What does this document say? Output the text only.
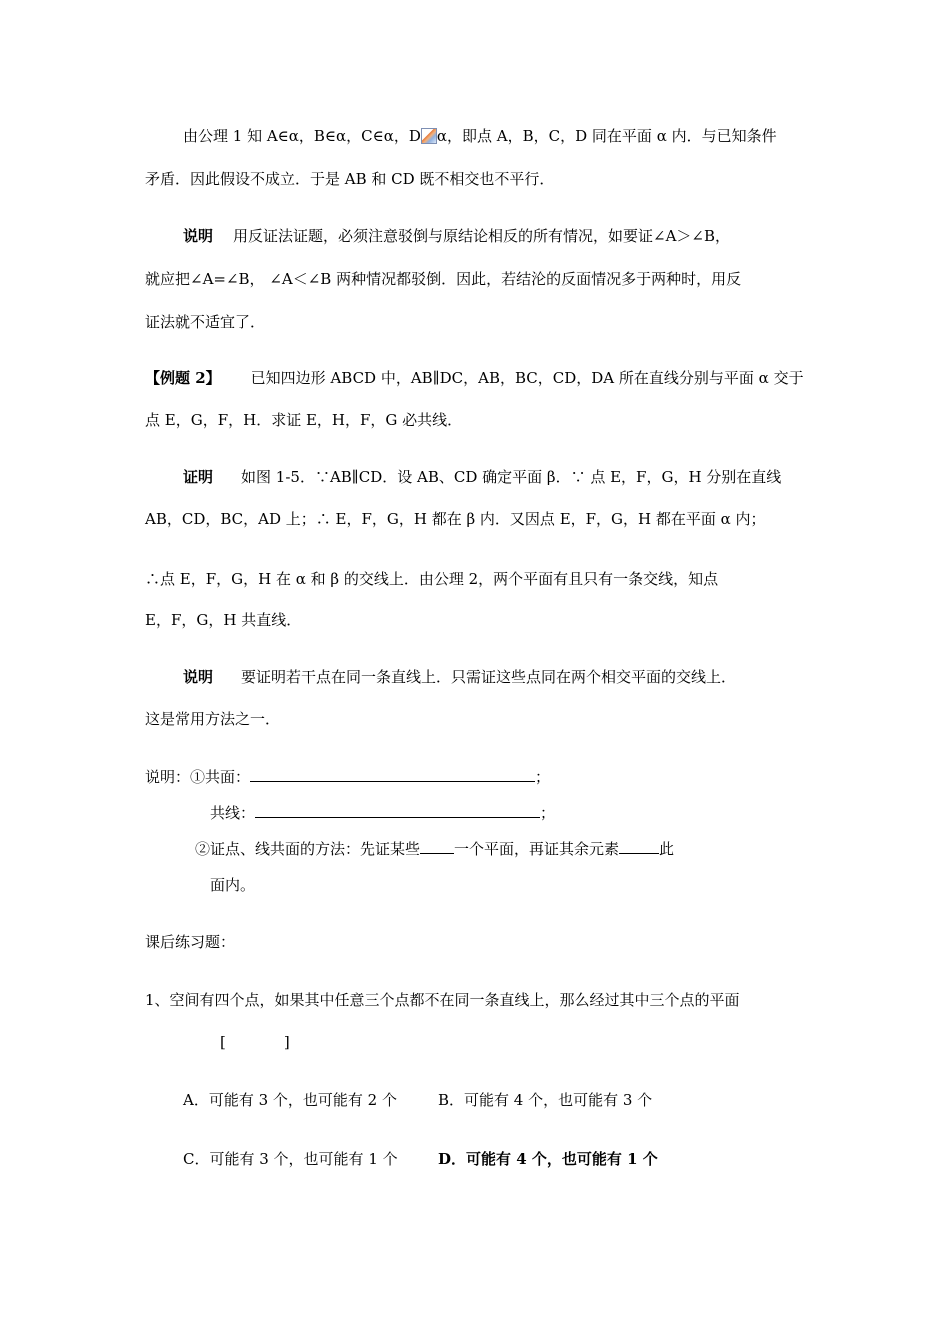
由公理 1 知 A∈α，B∈α，C∈α，D α，即点 A，B，C，D 同在平面 α 内．与已知条件
矛盾．因此假设不成立．于是 AB 和 CD 既不相交也不平行．
说明 用反证法证题，必须注意驳倒与原结论相反的所有情况，如要证∠A＞∠B，
就应把∠A=∠B， ∠A＜∠B 两种情况都驳倒．因此，若结沦的反面情况多于两种时，用反
证法就不适宜了．
【例题 2】 已知四边形 ABCD 中，AB∥DC，AB，BC，CD，DA 所在直线分别与平面 α 交于
点 E，G，F，H．求证 E，H，F，G 必共线．
证明 如图 1-5．∵AB∥CD．设 AB、CD 确定平面 β．∵ 点 E，F，G，H 分别在直线
AB，CD，BC，AD 上；∴ E，F，G，H 都在 β 内．又因点 E，F，G，H 都在平面 α 内；
∴点 E，F，G，H 在 α 和 β 的交线上．由公理 2，两个平面有且只有一条交线，知点
E，F，G，H 共直线．
说明 要证明若干点在同一条直线上．只需证这些点同在两个相交平面的交线上．
这是常用方法之一．
说明：①共面：	；
共线：	；
②证点、线共面的方法：先证某些 一个平面，再证其余元素	此
面内。
课后练习题：
1、空间有四个点，如果其中任意三个点都不在同一条直线上，那么经过其中三个点的平面
[	]
A．可能有 3 个，也可能有 2 个	B．可能有 4 个，也可能有 3 个
C．可能有 3 个，也可能有 1 个	D．可能有 4 个，也可能有 1 个
